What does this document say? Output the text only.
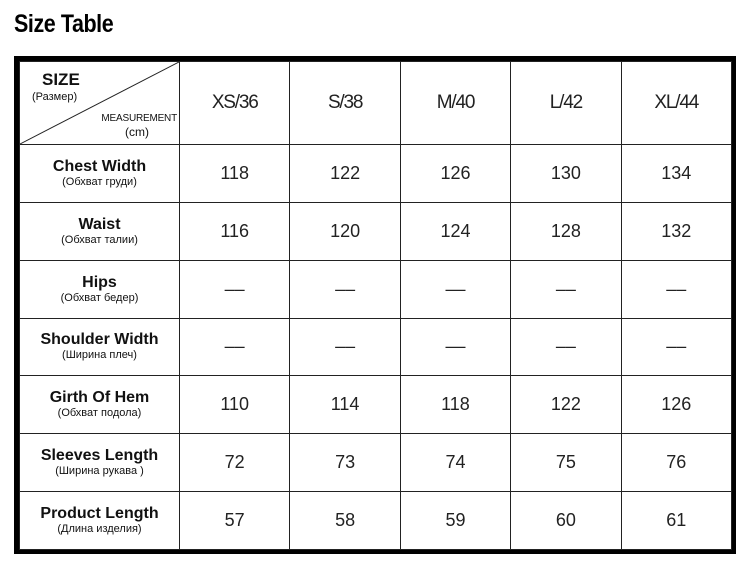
Size Table
SIZE
(Размер)
MEASUREMENT
(cm)	XS/36	S/38	M/40	L/42	XL/44

Chest Width
(Обхват груди)	118	122	126	130	134

Waist
(Обхват талии)	116	120	124	128	132

Hips
(Обхват бедер)	––	––	––	––	––

Shoulder Width
(Ширина плеч)	––	––	––	––	––

Girth Of Hem
(Обхват подола)	110	114	118	122	126

Sleeves Length
(Ширина рукава )	72	73	74	75	76

Product Length
(Длина изделия)	57	58	59	60	61
